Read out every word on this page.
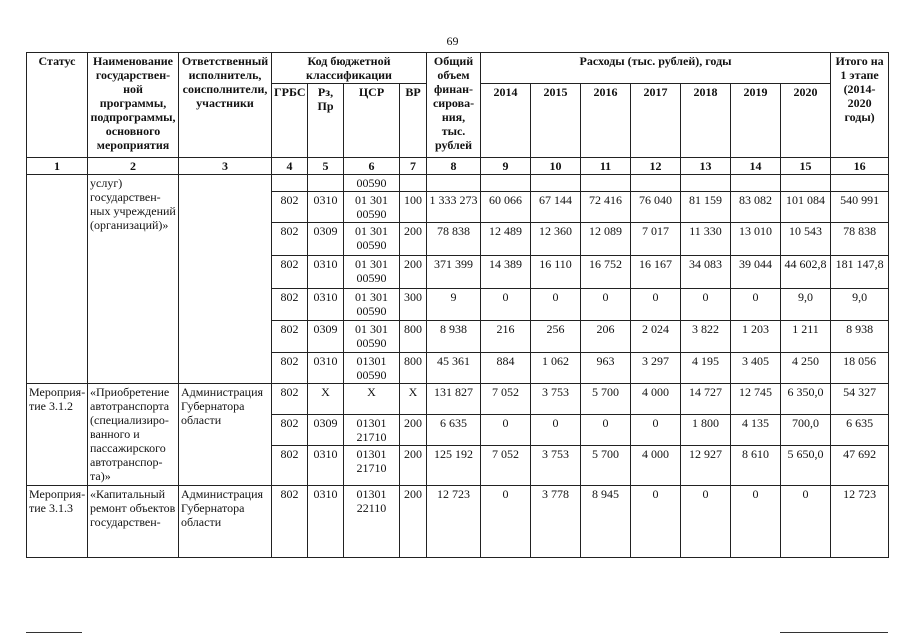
69
Статус	Наименование государствен-ной программы, подпрограммы, основного мероприятия	Ответственный исполнитель, соисполнители, участники	Код бюджетной классификации				Общий объем финан-сирова-ния, тыс. рублей	Расходы (тыс. рублей), годы							Итого на 1 этапе (2014-2020 годы)
			ГРБС	Рз, Пр	ЦСР	ВР		2014	2015	2016	2017	2018	2019	2020	
1	2	3	4	5	6	7	8	9	10	11	12	13	14	15	16
	услуг) государствен-ных учреждений (организаций)»				00590										
			802	0310	01 301 00590	100	1 333 273	60 066	67 144	72 416	76 040	81 159	83 082	101 084	540 991
			802	0309	01 301 00590	200	78 838	12 489	12 360	12 089	7 017	11 330	13 010	10 543	78 838
			802	0310	01 301 00590	200	371 399	14 389	16 110	16 752	16 167	34 083	39 044	44 602,8	181 147,8
			802	0310	01 301 00590	300	9	0	0	0	0	0	0	9,0	9,0
			802	0309	01 301 00590	800	8 938	216	256	206	2 024	3 822	1 203	1 211	8 938
			802	0310	01301 00590	800	45 361	884	1 062	963	3 297	4 195	3 405	4 250	18 056
Мероприя-тие 3.1.2	«Приобретение автотранспорта (специализиро-ванного и пассажирского автотранспор-та)»	Администрация Губернатора области	802	X	X	X	131 827	7 052	3 753	5 700	4 000	14 727	12 745	6 350,0	54 327
			802	0309	01301 21710	200	6 635	0	0	0	0	1 800	4 135	700,0	6 635
			802	0310	01301 21710	200	125 192	7 052	3 753	5 700	4 000	12 927	8 610	5 650,0	47 692
Мероприя-тие 3.1.3	«Капитальный ремонт объектов государствен-	Администрация Губернатора области	802	0310	01301 22110	200	12 723	0	3 778	8 945	0	0	0	0	12 723
